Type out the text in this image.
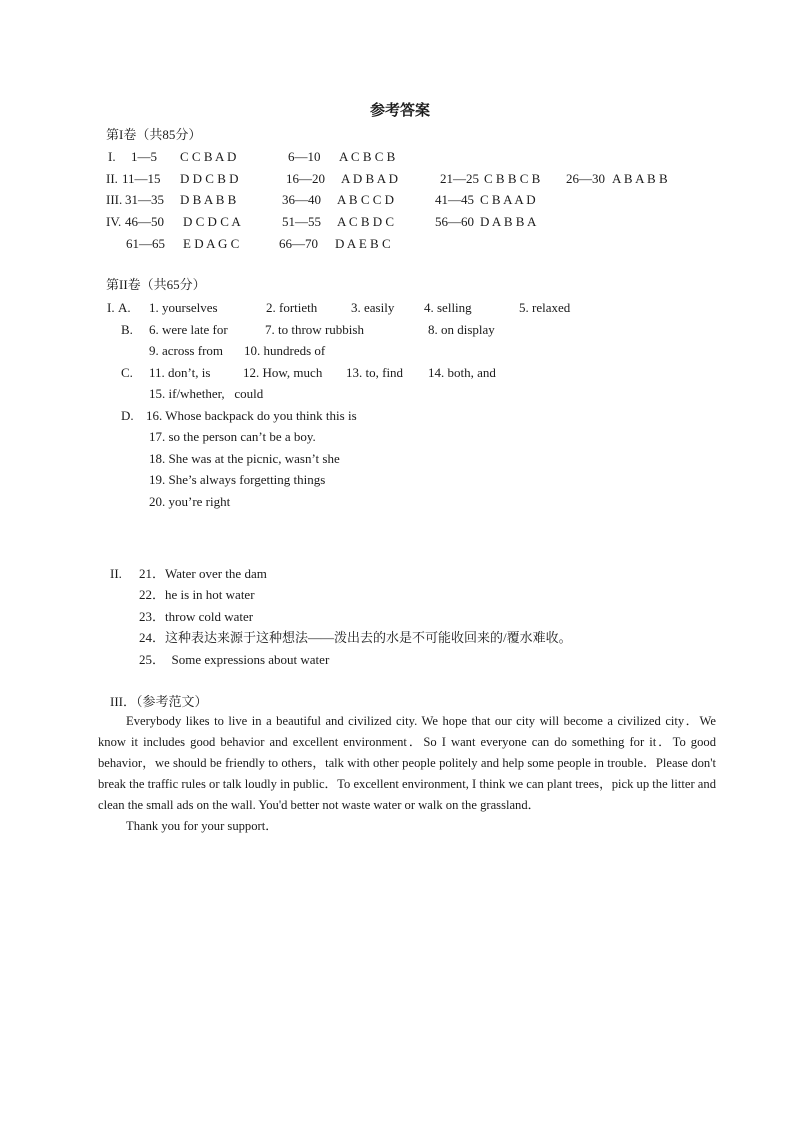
参考答案
第I卷（共85分）
I. 1—5 C C B A D	6—10 A C B C B
II. 11—15 D D C B D	16—20 A D B A D	21—25 C B B C B 26—30 A B A B B
III. 31—35 D B A B B	36—40 A B C C D	41—45 C B A A D
IV. 46—50 D C D C A	51—55 A C B D C	56—60 D A B B A
61—65 E D A G C	66—70 D A E B C
第II卷（共65分）
I. A. 1. yourselves	2. fortieth	3. easily 4. selling	5. relaxed
B. 6. were late for	7. to throw rubbish	8. on display
9. across from 10. hundreds of
C. 11. don’t, is	12. How, much 13. to, find 14. both, and
15. if/whether,   could
D. 16. Whose backpack do you think this is
17. so the person can’t be a boy.
18. She was at the picnic, wasn’t she
19. She’s always forgetting things
20. you’re right
II. 21．Water over the dam
22．he is in hot water
23．throw cold water
24．这种表达来源于这种想法——泼出去的水是不可能收回来的/覆水难收。
25．  Some expressions about water
III．（参考范文）

Everybody likes to live in a beautiful and civilized city. We hope that our city will become a civilized city．We know it includes good behavior and excellent environment．So I want everyone can do something for it．To good behavior，we should be friendly to others，talk with other people politely and help some people in trouble．Please don't break the traffic rules or talk loudly in public．To excellent environment, I think we can plant trees，pick up the litter and clean the small ads on the wall. You'd better not waste water or walk on the grassland．

Thank you for your support．
